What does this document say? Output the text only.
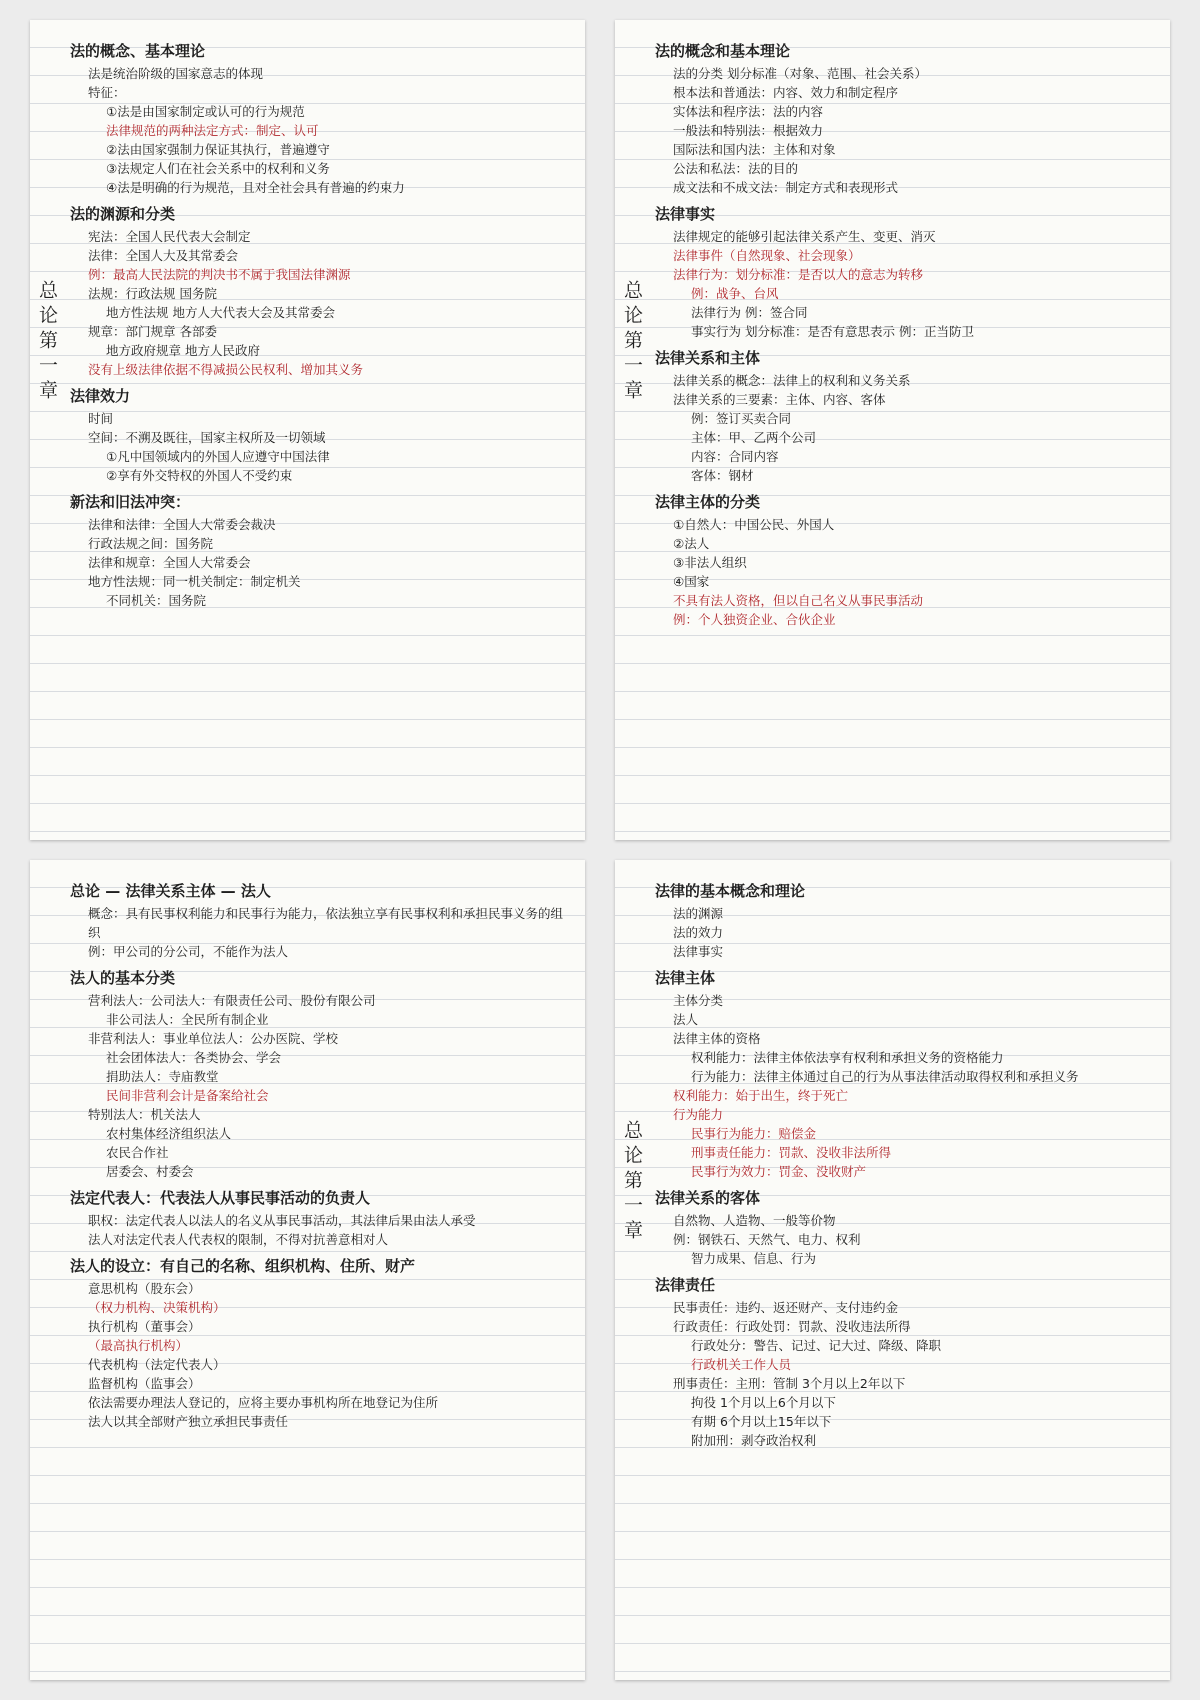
总论第一章
法的概念、基本理论
法是统治阶级的国家意志的体现
特征：
①法是由国家制定或认可的行为规范
法律规范的两种法定方式：制定、认可
②法由国家强制力保证其执行，普遍遵守
③法规定人们在社会关系中的权利和义务
④法是明确的行为规范，且对全社会具有普遍的约束力
法的渊源和分类
宪法：全国人民代表大会制定
法律：全国人大及其常委会
例：最高人民法院的判决书不属于我国法律渊源
法规：行政法规 国务院
地方性法规 地方人大代表大会及其常委会
规章：部门规章 各部委
地方政府规章 地方人民政府
没有上级法律依据不得减损公民权利、增加其义务
法律效力
时间
空间：不溯及既往，国家主权所及一切领域
①凡中国领域内的外国人应遵守中国法律
②享有外交特权的外国人不受约束
新法和旧法冲突：
法律和法律：全国人大常委会裁决
行政法规之间：国务院
法律和规章：全国人大常委会
地方性法规：同一机关制定：制定机关
不同机关：国务院
总论第一章
法的概念和基本理论
法的分类 划分标准（对象、范围、社会关系）
根本法和普通法：内容、效力和制定程序
实体法和程序法：法的内容
一般法和特别法：根据效力
国际法和国内法：主体和对象
公法和私法：法的目的
成文法和不成文法：制定方式和表现形式
法律事实
法律规定的能够引起法律关系产生、变更、消灭
法律事件（自然现象、社会现象）
法律行为：划分标准：是否以人的意志为转移
例：战争、台风
法律行为 例：签合同
事实行为 划分标准：是否有意思表示 例：正当防卫
法律关系和主体
法律关系的概念：法律上的权利和义务关系
法律关系的三要素：主体、内容、客体
例：签订买卖合同
主体：甲、乙两个公司
内容：合同内容
客体：钢材
法律主体的分类
①自然人：中国公民、外国人
②法人
③非法人组织
④国家
不具有法人资格，但以自己名义从事民事活动
例：个人独资企业、合伙企业
总论 — 法律关系主体 — 法人
概念：具有民事权利能力和民事行为能力，依法独立享有民事权利和承担民事义务的组织
例：甲公司的分公司，不能作为法人
法人的基本分类
营利法人：公司法人：有限责任公司、股份有限公司
非公司法人：全民所有制企业
非营利法人：事业单位法人：公办医院、学校
社会团体法人：各类协会、学会
捐助法人：寺庙教堂
民间非营利会计是备案给社会
特别法人：机关法人
农村集体经济组织法人
农民合作社
居委会、村委会
法定代表人：代表法人从事民事活动的负责人
职权：法定代表人以法人的名义从事民事活动，其法律后果由法人承受
法人对法定代表人代表权的限制，不得对抗善意相对人
法人的设立：有自己的名称、组织机构、住所、财产
意思机构（股东会）
（权力机构、决策机构）
执行机构（董事会）
（最高执行机构）
代表机构（法定代表人）
监督机构（监事会）
依法需要办理法人登记的，应将主要办事机构所在地登记为住所
法人以其全部财产独立承担民事责任
总论第一章
法律的基本概念和理论
法的渊源
法的效力
法律事实
法律主体
主体分类
法人
法律主体的资格
权利能力：法律主体依法享有权利和承担义务的资格能力
行为能力：法律主体通过自己的行为从事法律活动取得权利和承担义务
权利能力：始于出生，终于死亡
行为能力
民事行为能力：赔偿金
刑事责任能力：罚款、没收非法所得
民事行为效力：罚金、没收财产
法律关系的客体
自然物、人造物、一般等价物
例：钢铁石、天然气、电力、权利
智力成果、信息、行为
法律责任
民事责任：违约、返还财产、支付违约金
行政责任：行政处罚：罚款、没收违法所得
行政处分：警告、记过、记大过、降级、降职
行政机关工作人员
刑事责任：主刑：管制 3个月以上2年以下
拘役 1个月以上6个月以下
有期 6个月以上15年以下
附加刑：剥夺政治权利
